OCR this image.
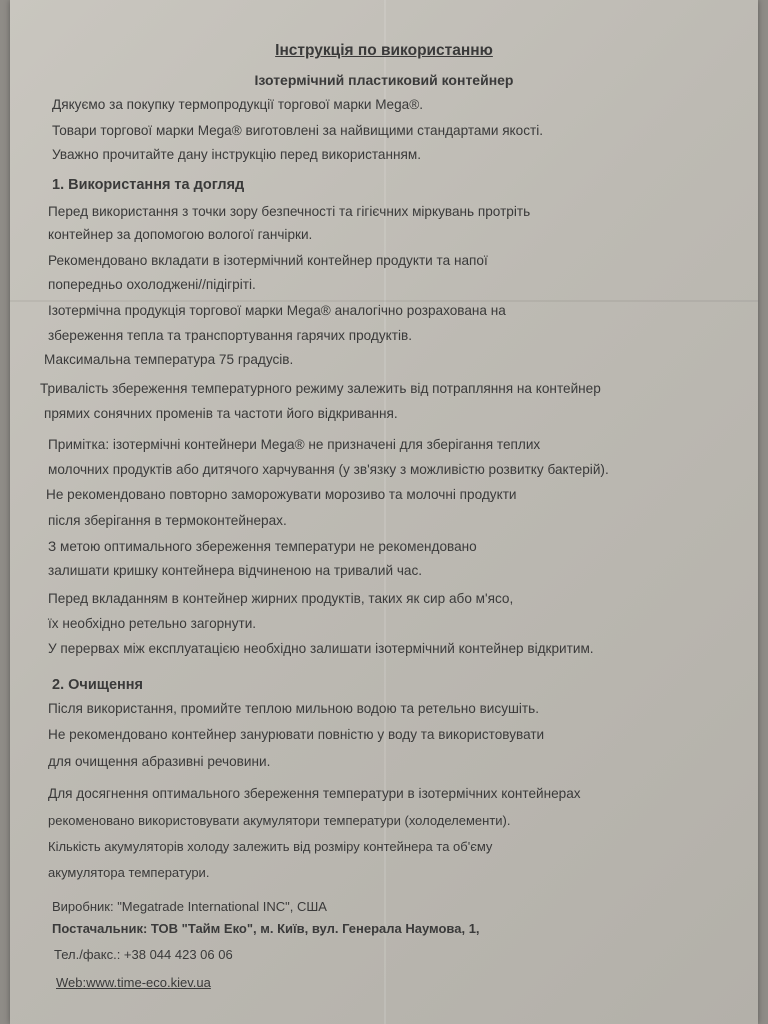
Інструкція по використанню
Ізотермічний пластиковий контейнер
Дякуємо за покупку термопродукції торгової марки Mega®.
Товари торгової марки Mega® виготовлені за найвищими стандартами якості.
Уважно прочитайте дану інструкцію перед використанням.
1. Використання та догляд
Перед використання з точки зору безпечності та гігієчних міркувань протріть
контейнер за допомогою вологої ганчірки.
Рекомендовано вкладати в ізотермічний контейнер продукти та напої
попередньо охолоджені//підігріті.
Ізотермічна продукція торгової марки Mega® аналогічно розрахована на
збереження тепла та транспортування гарячих продуктів.
Максимальна температура 75 градусів.
Тривалість збереження температурного режиму залежить від потрапляння на контейнер
прямих сонячних променів та частоти його відкривання.
Примітка: ізотермічні контейнери Mega® не призначені для зберігання теплих
молочних продуктів або дитячого харчування (у зв'язку з можливістю розвитку бактерій).
Не рекомендовано повторно заморожувати морозиво та молочні продукти
після зберігання в термоконтейнерах.
З метою оптимального збереження температури не рекомендовано
залишати кришку контейнера відчиненою на тривалий час.
Перед вкладанням в контейнер жирних продуктів, таких як сир або м'ясо,
їх необхідно ретельно загорнути.
У перервах між експлуатацією необхідно залишати ізотермічний контейнер відкритим.
2. Очищення
Після використання, промийте теплою мильною водою та ретельно висушіть.
Не рекомендовано контейнер занурювати повністю у воду та використовувати
для очищення абразивні речовини.
Для досягнення оптимального збереження температури в ізотермічних контейнерах
рекоменовано використовувати акумулятори температури (холоделементи).
Кількість акумуляторів холоду залежить від розміру контейнера та об'єму
акумулятора температури.
Виробник: "Megatrade International INC", США
Постачальник: ТОВ "Тайм Еко", м. Київ, вул. Генерала Наумова, 1,
Тел./факс.: +38 044 423 06 06
Web:www.time-eco.kiev.ua
